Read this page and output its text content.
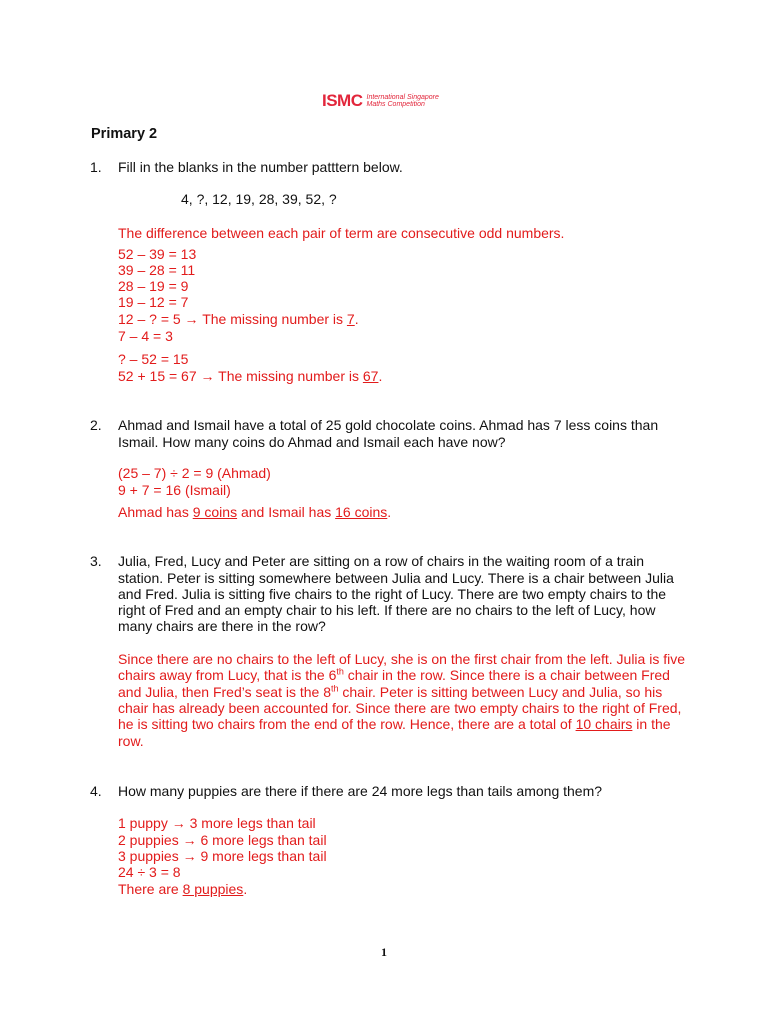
ISMC International Singapore
Maths Competition
Primary 2
1. Fill in the blanks in the number patttern below.
4, ?, 12, 19, 28, 39, 52, ?
The difference between each pair of term are consecutive odd numbers.
52 – 39 = 13
39 – 28 = 11
28 – 19 = 9
19 – 12 = 7
12 – ? = 5 → The missing number is 7.
7 – 4 = 3
? – 52 = 15
52 + 15 = 67 → The missing number is 67.
2. Ahmad and Ismail have a total of 25 gold chocolate coins. Ahmad has 7 less coins than
Ismail. How many coins do Ahmad and Ismail each have now?
(25 – 7) ÷ 2 = 9 (Ahmad)
9 + 7 = 16 (Ismail)
Ahmad has 9 coins and Ismail has 16 coins.
3. Julia, Fred, Lucy and Peter are sitting on a row of chairs in the waiting room of a train
station. Peter is sitting somewhere between Julia and Lucy. There is a chair between Julia
and Fred. Julia is sitting five chairs to the right of Lucy. There are two empty chairs to the
right of Fred and an empty chair to his left. If there are no chairs to the left of Lucy, how
many chairs are there in the row?
Since there are no chairs to the left of Lucy, she is on the first chair from the left. Julia is five
chairs away from Lucy, that is the 6th chair in the row. Since there is a chair between Fred
and Julia, then Fred’s seat is the 8th chair. Peter is sitting between Lucy and Julia, so his
chair has already been accounted for. Since there are two empty chairs to the right of Fred,
he is sitting two chairs from the end of the row. Hence, there are a total of 10 chairs in the
row.
4. How many puppies are there if there are 24 more legs than tails among them?
1 puppy → 3 more legs than tail
2 puppies → 6 more legs than tail
3 puppies → 9 more legs than tail
24 ÷ 3 = 8
There are 8 puppies.
1
